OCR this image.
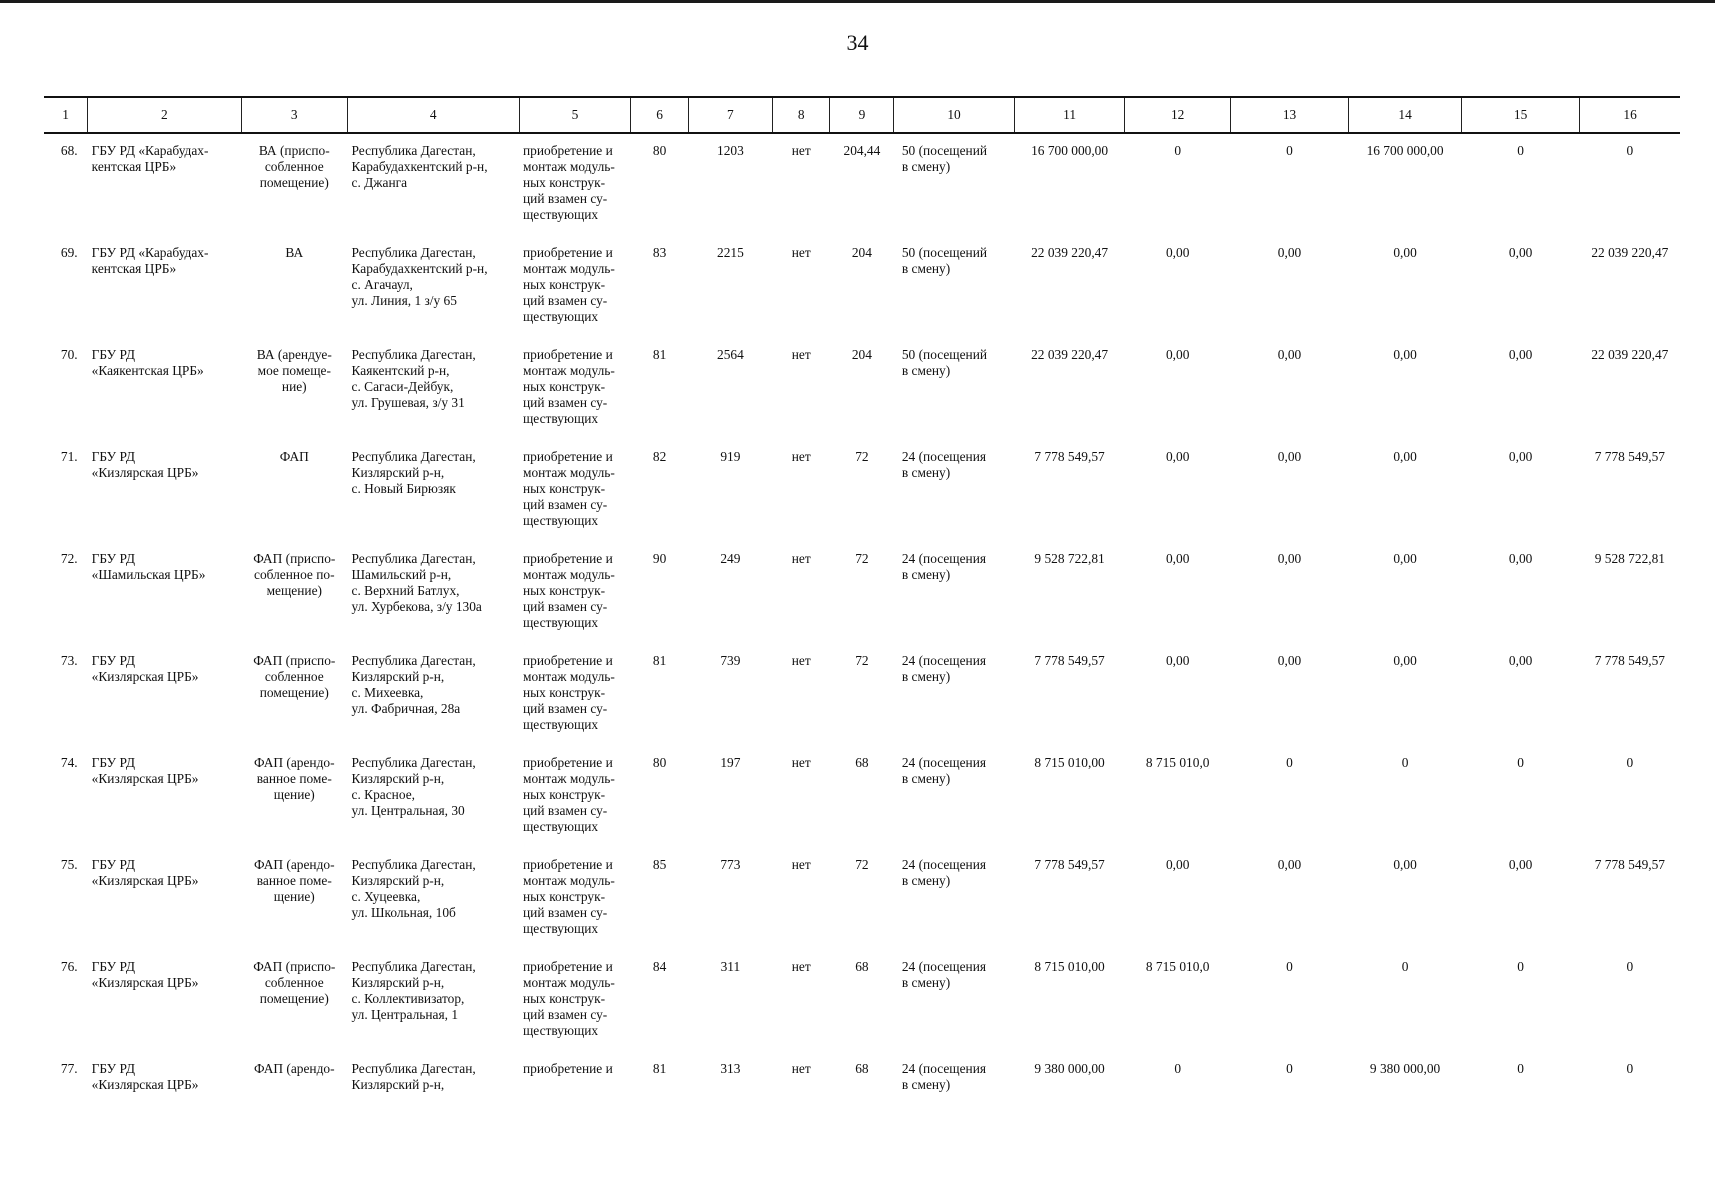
34
1	2	3	4	5	6	7	8	9	10	11	12	13	14	15	16
68.	ГБУ РД «Карабудах-
кентская ЦРБ»	ВА (приспо-
собленное
помещение)	Республика Дагестан,
Карабудахкентский р-н,
с. Джанга	приобретение и
монтаж модуль-
ных конструк-
ций взамен су-
ществующих	80	1203	нет	204,44	50 (посещений
в смену)	16 700 000,00	0	0	16 700 000,00	0	0
69.	ГБУ РД «Карабудах-
кентская ЦРБ»	ВА	Республика Дагестан,
Карабудахкентский р-н,
с. Агачаул,
ул. Линия, 1 з/у 65	приобретение и
монтаж модуль-
ных конструк-
ций взамен су-
ществующих	83	2215	нет	204	50 (посещений
в смену)	22 039 220,47	0,00	0,00	0,00	0,00	22 039 220,47
70.	ГБУ РД
«Каякентская ЦРБ»	ВА (арендуе-
мое помеще-
ние)	Республика Дагестан,
Каякентский р-н,
с. Сагаси-Дейбук,
ул. Грушевая, з/у 31	приобретение и
монтаж модуль-
ных конструк-
ций взамен су-
ществующих	81	2564	нет	204	50 (посещений
в смену)	22 039 220,47	0,00	0,00	0,00	0,00	22 039 220,47
71.	ГБУ РД
«Кизлярская ЦРБ»	ФАП	Республика Дагестан,
Кизлярский р-н,
с. Новый Бирюзяк	приобретение и
монтаж модуль-
ных конструк-
ций взамен су-
ществующих	82	919	нет	72	24 (посещения
в смену)	7 778 549,57	0,00	0,00	0,00	0,00	7 778 549,57
72.	ГБУ РД
«Шамильская ЦРБ»	ФАП (приспо-
собленное по-
мещение)	Республика Дагестан,
Шамильский р-н,
с. Верхний Батлух,
ул. Хурбекова, з/у 130а	приобретение и
монтаж модуль-
ных конструк-
ций взамен су-
ществующих	90	249	нет	72	24 (посещения
в смену)	9 528 722,81	0,00	0,00	0,00	0,00	9 528 722,81
73.	ГБУ РД
«Кизлярская ЦРБ»	ФАП (приспо-
собленное
помещение)	Республика Дагестан,
Кизлярский р-н,
с. Михеевка,
ул. Фабричная, 28а	приобретение и
монтаж модуль-
ных конструк-
ций взамен су-
ществующих	81	739	нет	72	24 (посещения
в смену)	7 778 549,57	0,00	0,00	0,00	0,00	7 778 549,57
74.	ГБУ РД
«Кизлярская ЦРБ»	ФАП (арендо-
ванное поме-
щение)	Республика Дагестан,
Кизлярский р-н,
с. Красное,
ул. Центральная, 30	приобретение и
монтаж модуль-
ных конструк-
ций взамен су-
ществующих	80	197	нет	68	24 (посещения
в смену)	8 715 010,00	8 715 010,0	0	0	0	0
75.	ГБУ РД
«Кизлярская ЦРБ»	ФАП (арендо-
ванное поме-
щение)	Республика Дагестан,
Кизлярский р-н,
с. Хуцеевка,
ул. Школьная, 10б	приобретение и
монтаж модуль-
ных конструк-
ций взамен су-
ществующих	85	773	нет	72	24 (посещения
в смену)	7 778 549,57	0,00	0,00	0,00	0,00	7 778 549,57
76.	ГБУ РД
«Кизлярская ЦРБ»	ФАП (приспо-
собленное
помещение)	Республика Дагестан,
Кизлярский р-н,
с. Коллективизатор,
ул. Центральная, 1	приобретение и
монтаж модуль-
ных конструк-
ций взамен су-
ществующих	84	311	нет	68	24 (посещения
в смену)	8 715 010,00	8 715 010,0	0	0	0	0
77.	ГБУ РД
«Кизлярская ЦРБ»	ФАП (арендо-	Республика Дагестан,
Кизлярский р-н,	приобретение и	81	313	нет	68	24 (посещения
в смену)	9 380 000,00	0	0	9 380 000,00	0	0
